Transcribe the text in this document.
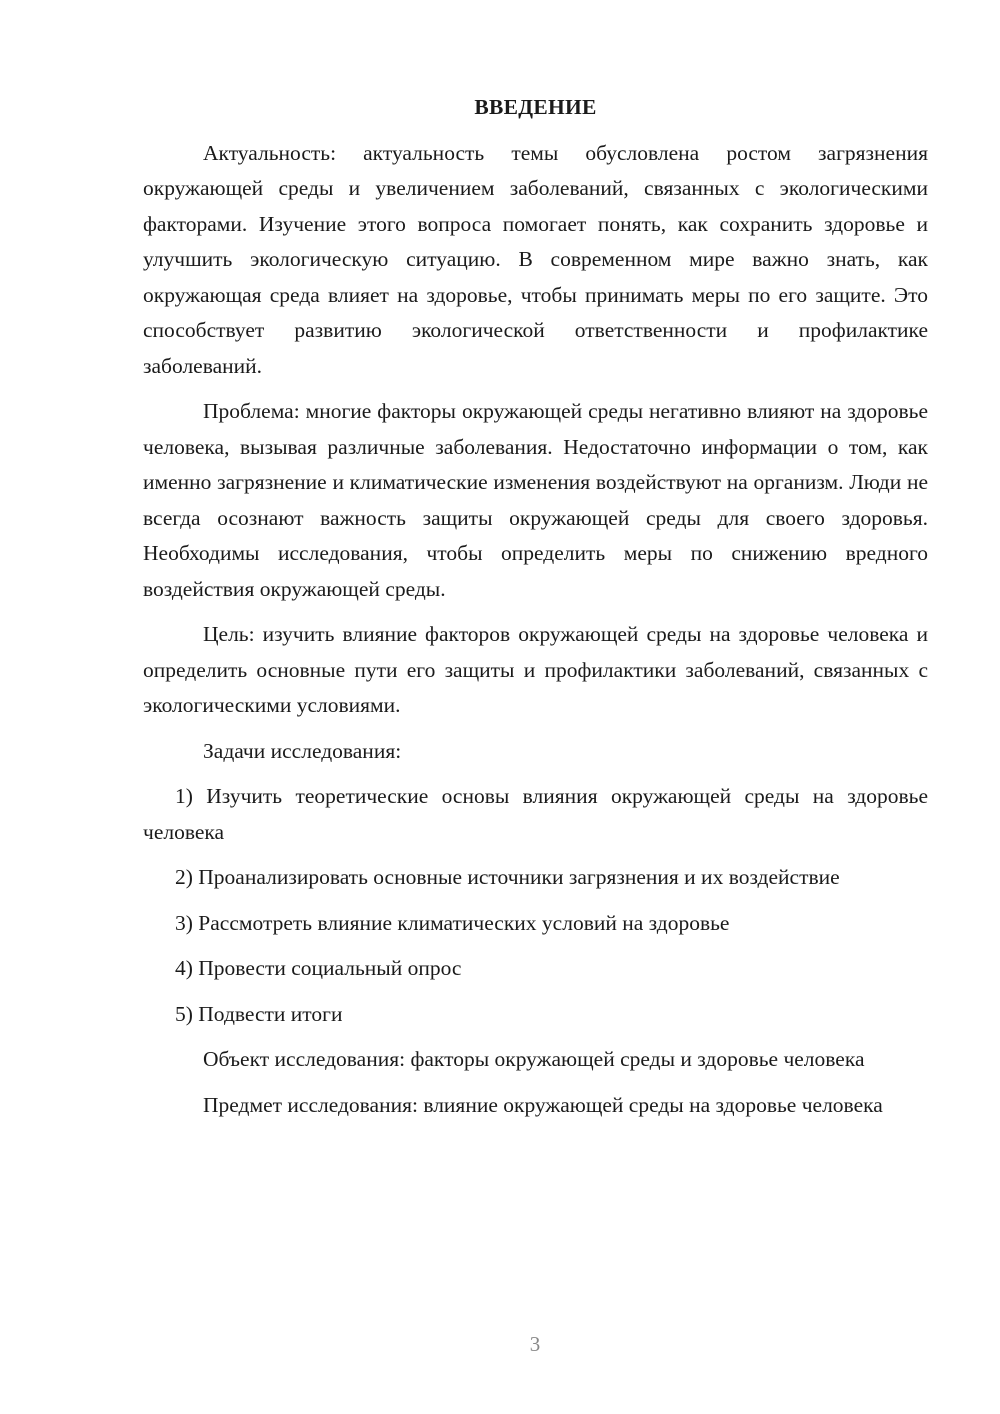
ВВЕДЕНИЕ

Актуальность: актуальность темы обусловлена ростом загрязнения окружающей среды и увеличением заболеваний, связанных с экологическими факторами. Изучение этого вопроса помогает понять, как сохранить здоровье и улучшить экологическую ситуацию. В современном мире важно знать, как окружающая среда влияет на здоровье, чтобы принимать меры по его защите. Это способствует развитию экологической ответственности и профилактике заболеваний.

Проблема: многие факторы окружающей среды негативно влияют на здоровье человека, вызывая различные заболевания. Недостаточно информации о том, как именно загрязнение и климатические изменения воздействуют на организм. Люди не всегда осознают важность защиты окружающей среды для своего здоровья. Необходимы исследования, чтобы определить меры по снижению вредного воздействия окружающей среды.

Цель: изучить влияние факторов окружающей среды на здоровье человека и определить основные пути его защиты и профилактики заболеваний, связанных с экологическими условиями.

Задачи исследования:

1) Изучить теоретические основы влияния окружающей среды на здоровье человека

2) Проанализировать основные источники загрязнения и их воздействие

3) Рассмотреть влияние климатических условий на здоровье

4) Провести социальный опрос

5) Подвести итоги

Объект исследования: факторы окружающей среды и здоровье человека

Предмет исследования: влияние окружающей среды на здоровье человека

3
